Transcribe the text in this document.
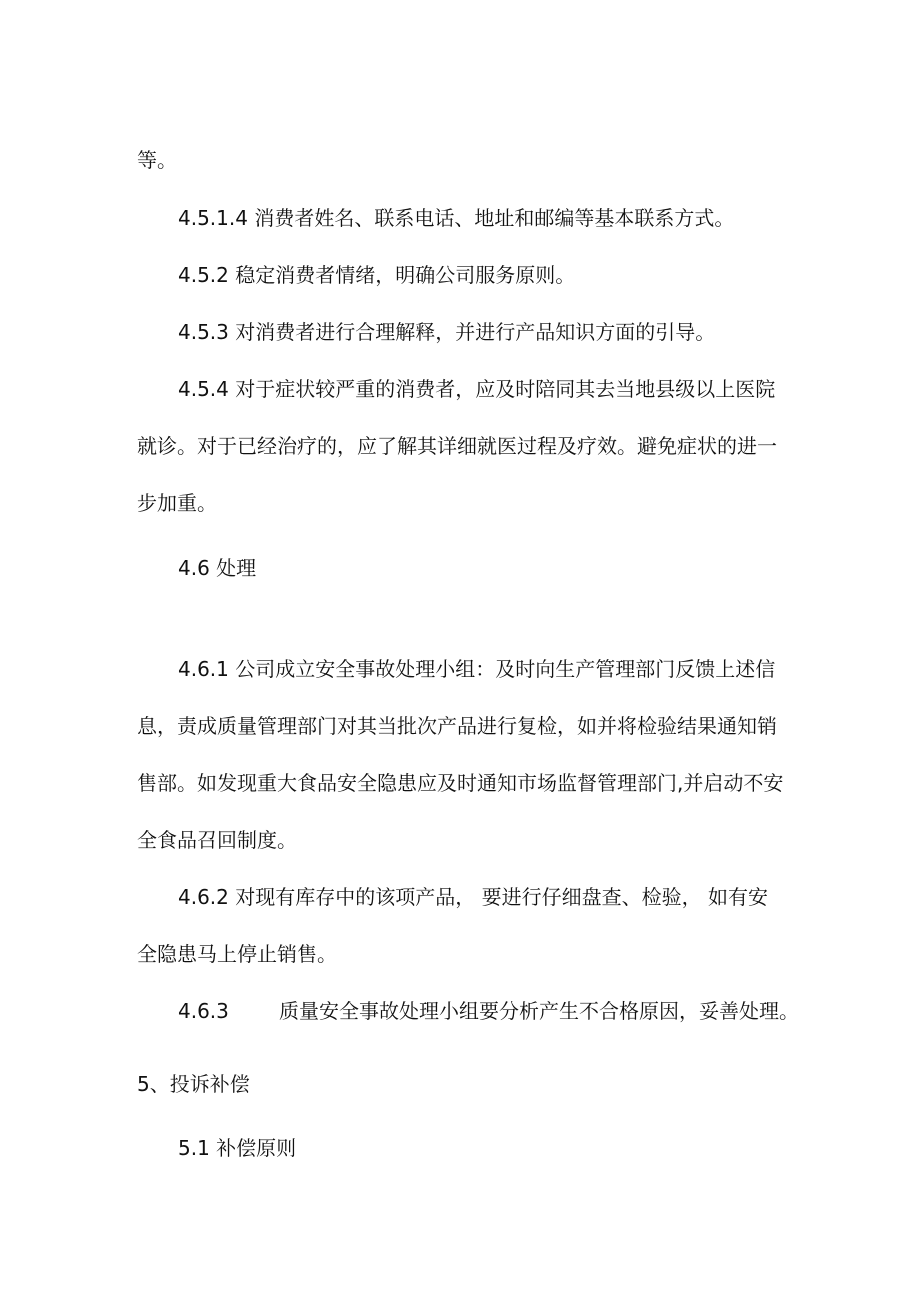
等。
4.5.1.4 消费者姓名、联系电话、地址和邮编等基本联系方式。
4.5.2 稳定消费者情绪，明确公司服务原则。
4.5.3 对消费者进行合理解释，并进行产品知识方面的引导。
4.5.4 对于症状较严重的消费者，应及时陪同其去当地县级以上医院
就诊。对于已经治疗的，应了解其详细就医过程及疗效。避免症状的进一
步加重。
4.6 处理
4.6.1 公司成立安全事故处理小组：及时向生产管理部门反馈上述信
息，责成质量管理部门对其当批次产品进行复检，如并将检验结果通知销
售部。如发现重大食品安全隐患应及时通知市场监督管理部门,并启动不安
全食品召回制度。
4.6.2 对现有库存中的该项产品， 要进行仔细盘查、检验， 如有安
全隐患马上停止销售。
4.6.3	质量安全事故处理小组要分析产生不合格原因，妥善处理。
5、投诉补偿
5.1 补偿原则
